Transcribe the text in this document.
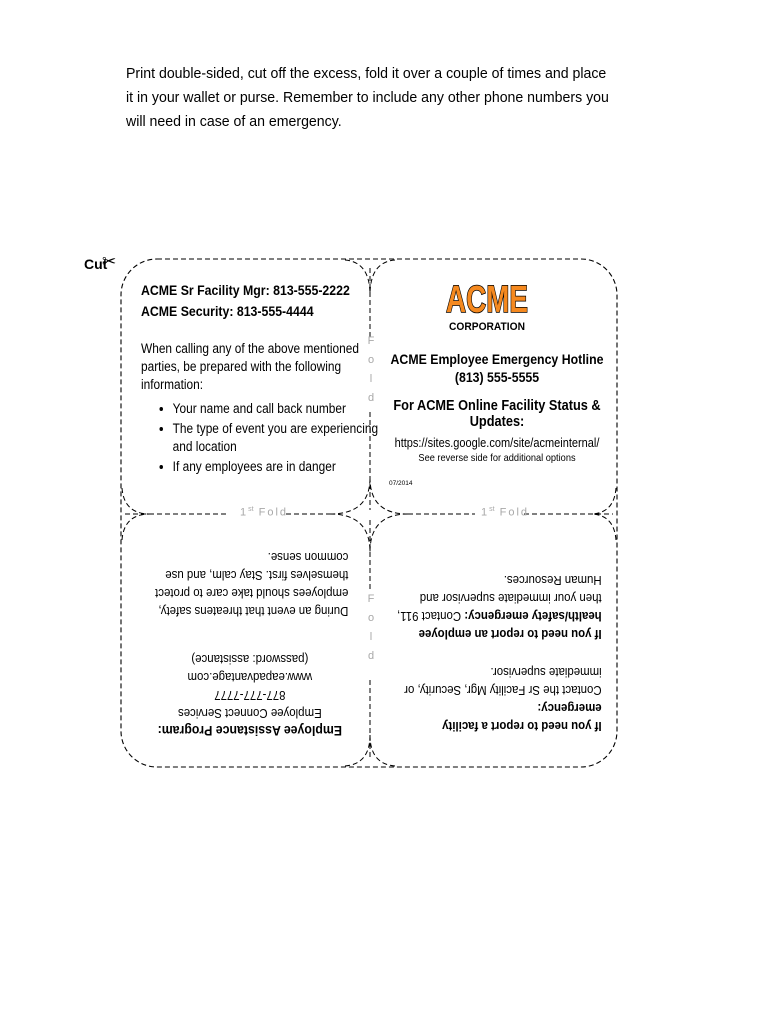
Print double-sided, cut off the excess, fold it over a couple of times and place it in your wallet or purse. Remember to include any other phone numbers you will need in case of an emergency.
Cut
✂
F
o
l
d
F
o
l
d
1st Fold	1st Fold
ACME Sr Facility Mgr: 813-555-2222
ACME Security: 813-555-4444
When calling any of the above mentioned parties, be prepared with the following information:
• Your name and call back number
• The type of event you are experiencing and location
• If any employees are in danger
ACME
CORPORATION
ACME Employee Emergency Hotline
(813) 555-5555
For ACME Online Facility Status & Updates:
https://sites.google.com/site/acmeinternal/
See reverse side for additional options
07/2014
Employee Assistance Program:
Employee Connect Services
877-777-7777
www.eapadvantage.com
(password: assistance)
During an event that threatens safety, employees should take care to protect themselves first. Stay calm, and use common sense.
If you need to report a facility emergency:
Contact the Sr Facility Mgr, Security, or immediate supervisor.
If you need to report an employee
health/safety emergency: Contact 911, then your immediate supervisor and Human Resources.
